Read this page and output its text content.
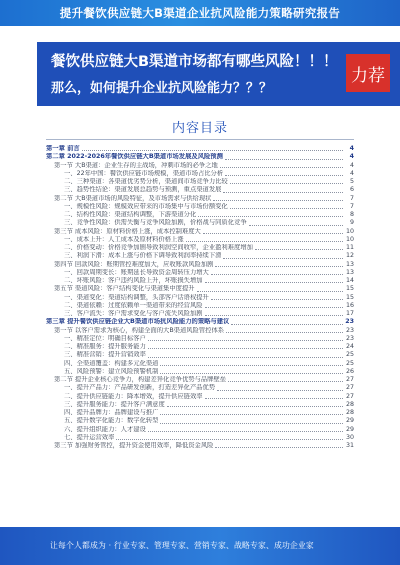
提升餐饮供应链大B渠道企业抗风险能力策略研究报告
餐饮供应链大B渠道市场都有哪些风险！！！
那么，如何提升企业抗风险能力？？？
力荐
内容目录
第一章 前言	4
第二章 2022-2026年餐饮供应链大B渠道市场发展及风险预测	4
第一节 大B渠道：企业生存的主战场，冲刺市场的必争之地	4
一、22年中国：餐饮供应链市场规模，渠道市场占比分析	4
二、三种渠道：各渠道优劣势分析，渠道间市场竞争力比较	5
三、趋势性结论：渠道发展总趋势与预测，重点渠道发展	6
第二节 大B渠道市场的风险特征，及市场需求与供给现状	7
一、规模性风险：规模效应带来的市场集中与市场份额变化	7
二、结构性风险：渠道结构调整，下游渠道分化	8
三、竞争性风险：供需失衡与竞争风险加剧，价格战与同质化竞争	9
第三节 成本风险：原材料价格上涨，成本控制难度大	10
一、成本上升：人工成本及原材料价格上涨	10
二、价格变动：价格竞争加剧导致利润空间收窄，企业盈利难度增加	11
三、利润下滑：成本上涨与价格下调导致利润率持续下滑	12
第四节 回款风险：账期管控难度加大，应收账款风险加剧	13
一、回款周期变长：账期延长导致资金周转压力增大	13
二、坏账风险：客户违约风险上升，坏账损失增加	14
第五节 渠道风险：客户结构变化与渠道集中度提升	15
一、渠道变化：渠道结构调整，头部客户话语权提升	15
二、渠道依赖：过度依赖单一渠道带来的经营风险	16
三、客户流失：客户需求变化与客户流失风险加剧	17
第三章 提升餐饮供应链企业大B渠道市场抗风险能力的策略与建议	23
第一节 以客户需求为核心，构建全面的大B渠道风险管控体系	23
一、精准定位：明确目标客户	23
二、精准服务：提升服务能力	24
三、精准营销：提升营销效率	25
四、全渠道覆盖：构建多元化渠道	25
五、风险预警：建立风险预警机制	26
第二节 提升企业核心竞争力，构建差异化竞争优势与品牌壁垒	27
一、提升产品力：产品研发创新，打造差异化产品优势	27
二、提升供应链能力：降本增效，提升供应链效率	27
三、提升服务能力：提升客户满意度	28
四、提升品牌力：品牌建设与推广	28
五、提升数字化能力：数字化转型	29
六、提升组织能力：人才建设	29
七、提升运营效率	30
第三节 加强财务管控，提升资金使用效率，降低资金风险	31
让每个人都成为 · 行业专家、管理专家、营销专家、战略专家、成功企业家
